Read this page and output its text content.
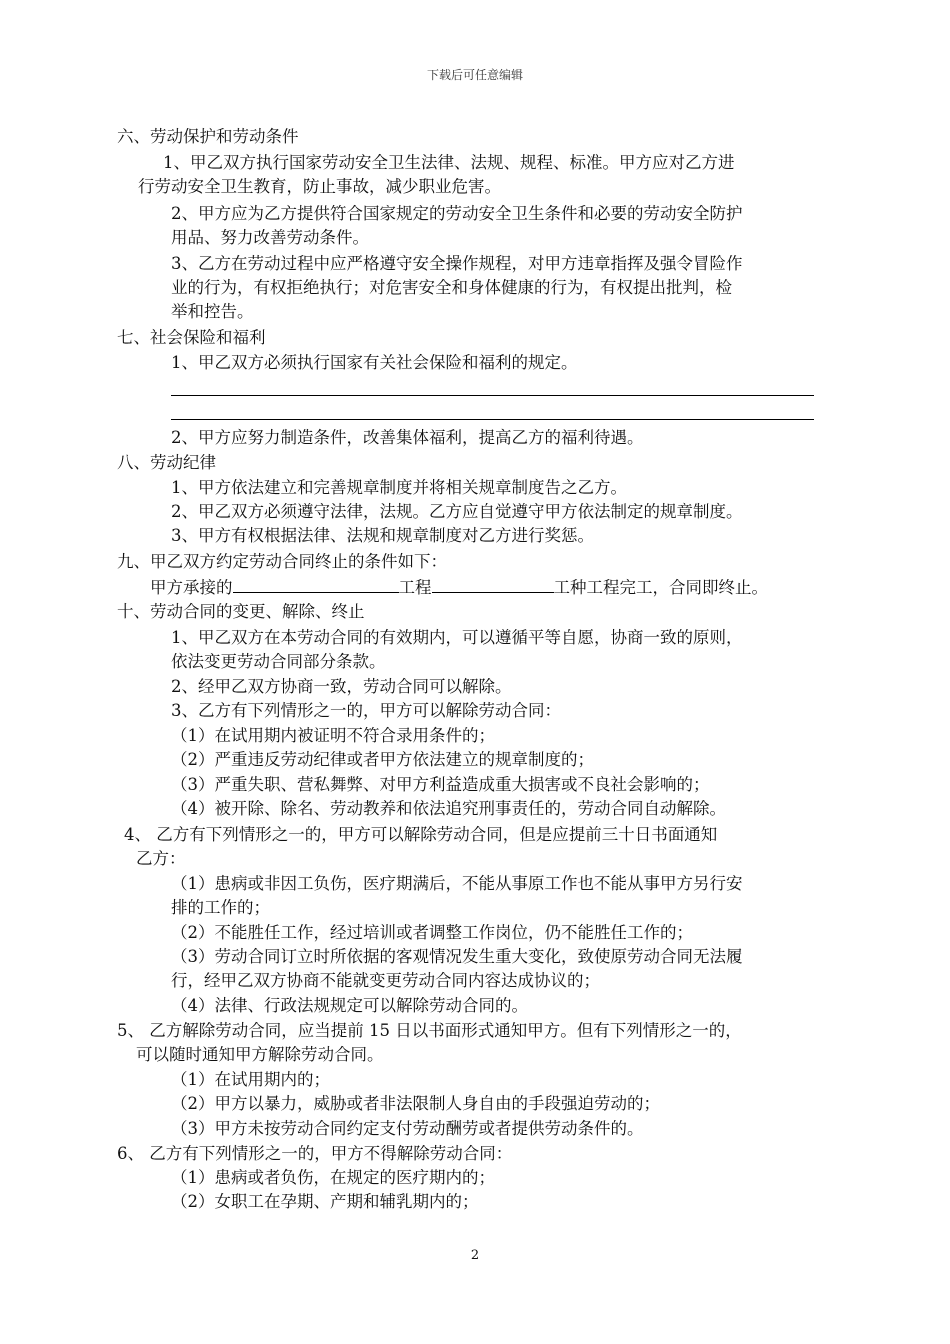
下载后可任意编辑
六、劳动保护和劳动条件
1、甲乙双方执行国家劳动安全卫生法律、法规、规程、标准。甲方应对乙方进
行劳动安全卫生教育，防止事故，减少职业危害。
2、甲方应为乙方提供符合国家规定的劳动安全卫生条件和必要的劳动安全防护
用品、努力改善劳动条件。
3、乙方在劳动过程中应严格遵守安全操作规程，对甲方违章指挥及强令冒险作
业的行为，有权拒绝执行；对危害安全和身体健康的行为，有权提出批判，检
举和控告。
七、社会保险和福利
1、甲乙双方必须执行国家有关社会保险和福利的规定。
2、甲方应努力制造条件，改善集体福利，提高乙方的福利待遇。
八、劳动纪律
1、甲方依法建立和完善规章制度并将相关规章制度告之乙方。
2、甲乙双方必须遵守法律，法规。乙方应自觉遵守甲方依法制定的规章制度。
3、甲方有权根据法律、法规和规章制度对乙方进行奖惩。
九、甲乙双方约定劳动合同终止的条件如下：
甲方承接的	工程	工种工程完工，合同即终止。
十、劳动合同的变更、解除、终止
1、甲乙双方在本劳动合同的有效期内，可以遵循平等自愿，协商一致的原则，
依法变更劳动合同部分条款。
2、经甲乙双方协商一致，劳动合同可以解除。
3、乙方有下列情形之一的，甲方可以解除劳动合同：
（1）在试用期内被证明不符合录用条件的；
（2）严重违反劳动纪律或者甲方依法建立的规章制度的；
（3）严重失职、营私舞弊、对甲方利益造成重大损害或不良社会影响的；
（4）被开除、除名、劳动教养和依法追究刑事责任的，劳动合同自动解除。
4、 乙方有下列情形之一的，甲方可以解除劳动合同，但是应提前三十日书面通知
乙方：
（1）患病或非因工负伤，医疗期满后，不能从事原工作也不能从事甲方另行安
排的工作的；
（2）不能胜任工作，经过培训或者调整工作岗位，仍不能胜任工作的；
（3）劳动合同订立时所依据的客观情况发生重大变化，致使原劳动合同无法履
行，经甲乙双方协商不能就变更劳动合同内容达成协议的；
（4）法律、行政法规规定可以解除劳动合同的。
5、 乙方解除劳动合同，应当提前 15 日以书面形式通知甲方。但有下列情形之一的，
可以随时通知甲方解除劳动合同。
（1）在试用期内的；
（2）甲方以暴力，威胁或者非法限制人身自由的手段强迫劳动的；
（3）甲方未按劳动合同约定支付劳动酬劳或者提供劳动条件的。
6、 乙方有下列情形之一的，甲方不得解除劳动合同：
（1）患病或者负伤，在规定的医疗期内的；
（2）女职工在孕期、产期和辅乳期内的；
2
